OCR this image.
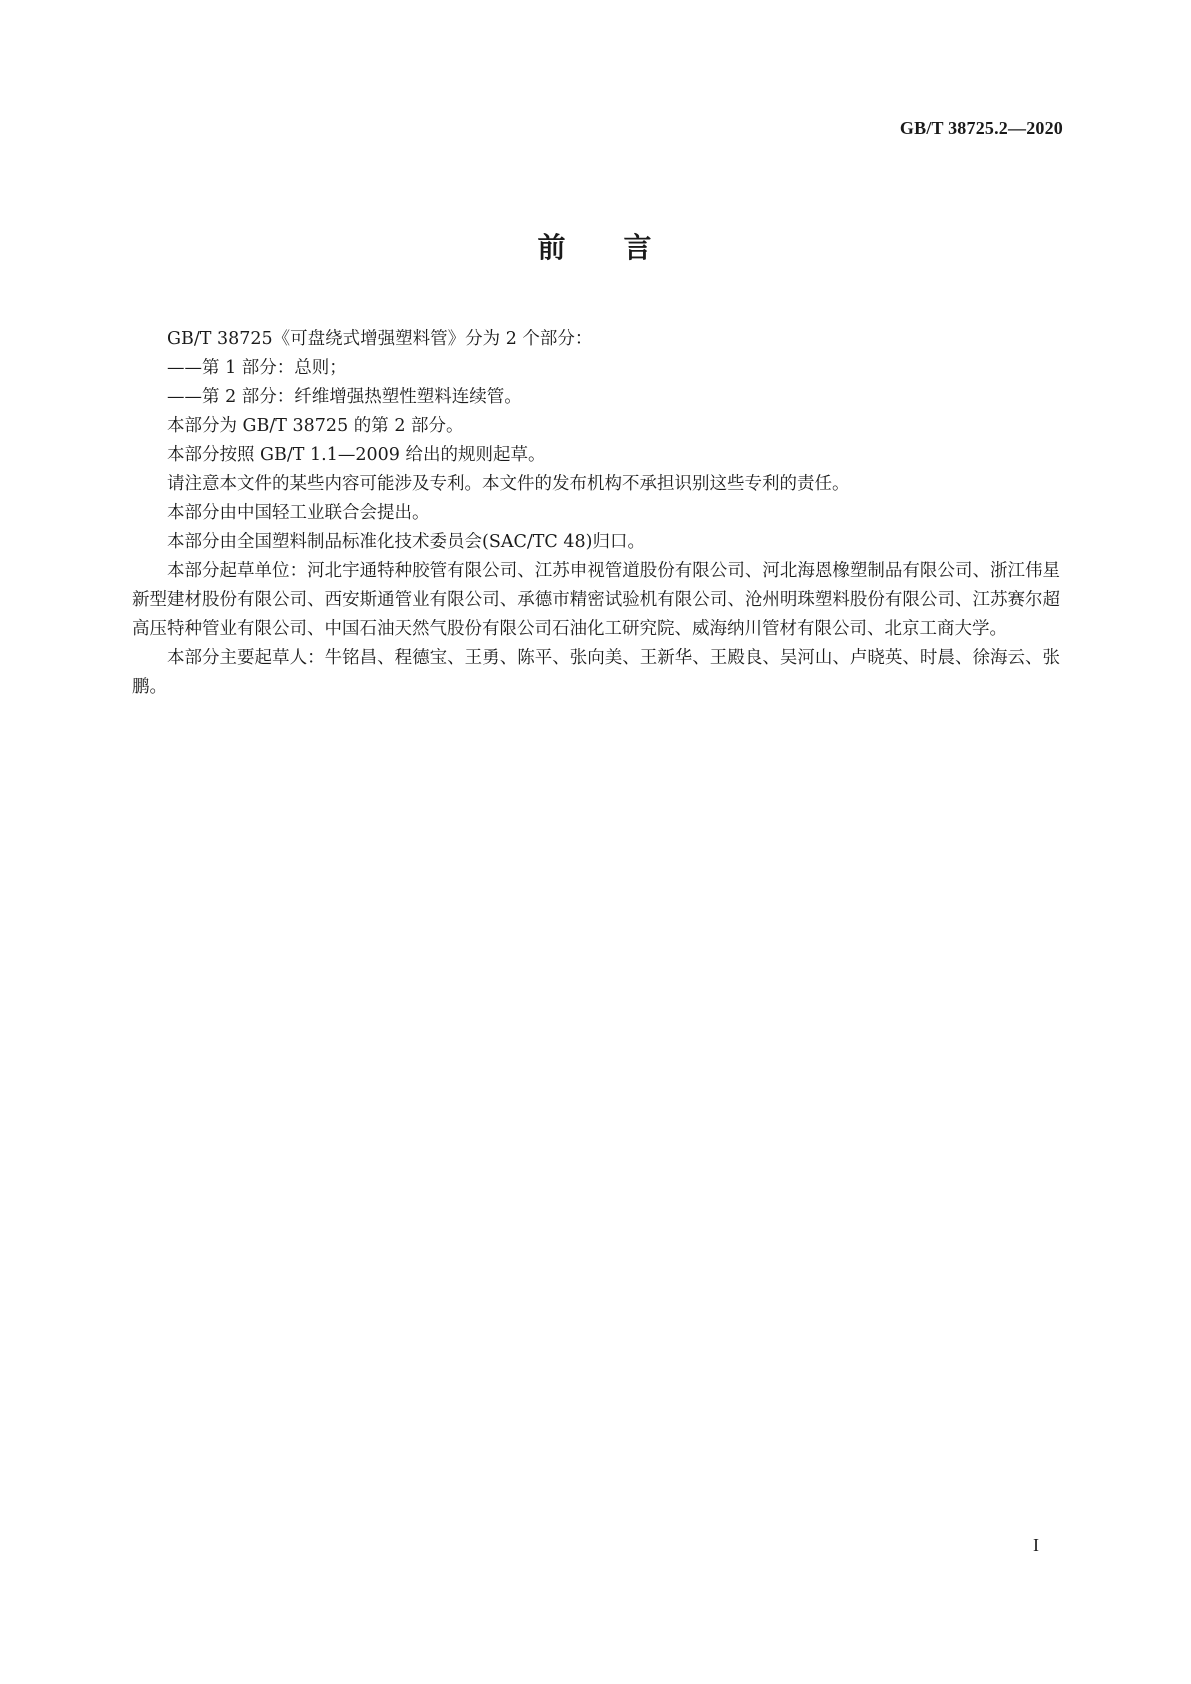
GB/T 38725.2—2020
前 言

GB/T 38725《可盘绕式增强塑料管》分为 2 个部分：

——第 1 部分：总则；

——第 2 部分：纤维增强热塑性塑料连续管。

本部分为 GB/T 38725 的第 2 部分。

本部分按照 GB/T 1.1—2009 给出的规则起草。

请注意本文件的某些内容可能涉及专利。本文件的发布机构不承担识别这些专利的责任。

本部分由中国轻工业联合会提出。

本部分由全国塑料制品标准化技术委员会(SAC/TC 48)归口。

本部分起草单位：河北宇通特种胶管有限公司、江苏申视管道股份有限公司、河北海恩橡塑制品有限公司、浙江伟星新型建材股份有限公司、西安斯通管业有限公司、承德市精密试验机有限公司、沧州明珠塑料股份有限公司、江苏赛尔超高压特种管业有限公司、中国石油天然气股份有限公司石油化工研究院、威海纳川管材有限公司、北京工商大学。

本部分主要起草人：牛铭昌、程德宝、王勇、陈平、张向美、王新华、王殿良、吴河山、卢晓英、时晨、徐海云、张鹏。

I
